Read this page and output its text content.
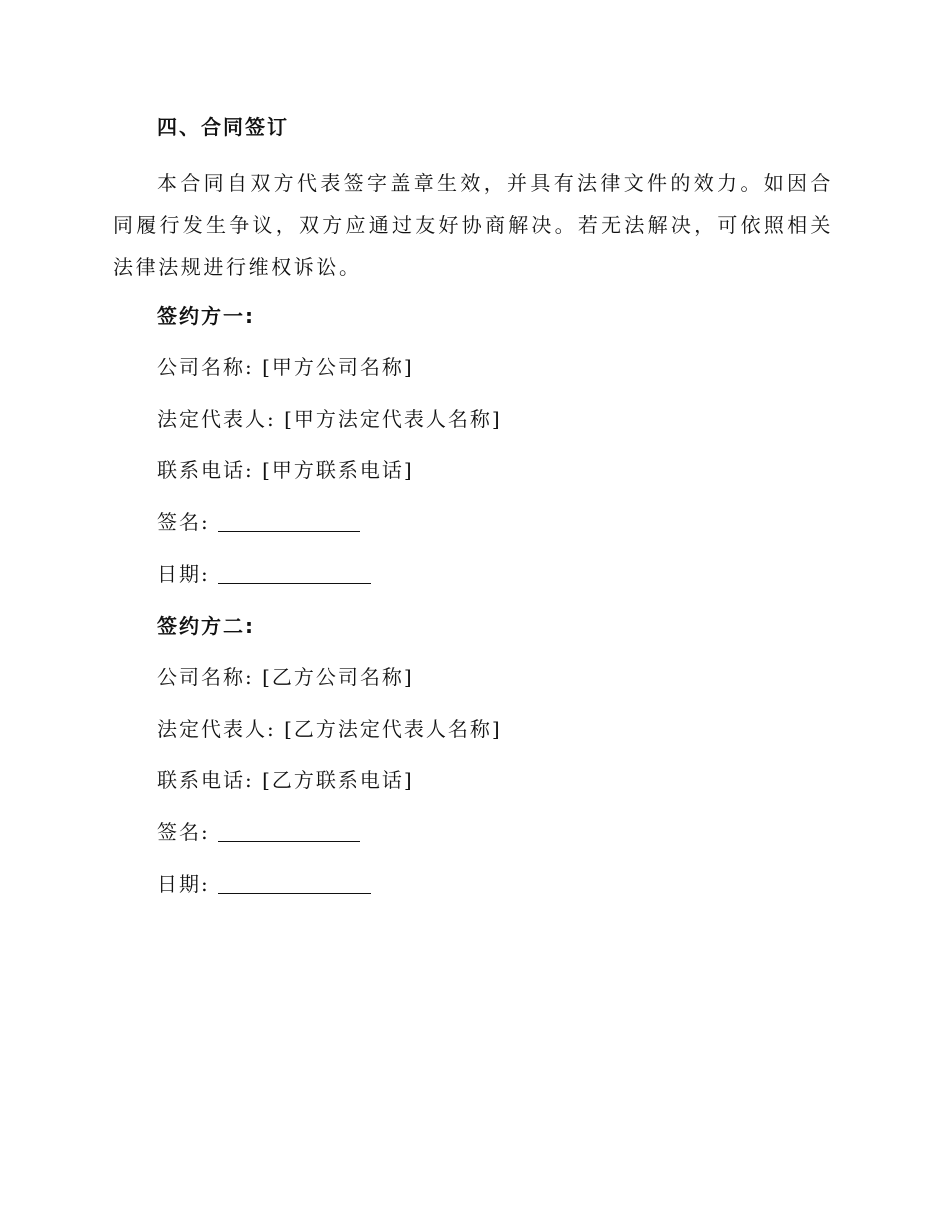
四、合同签订
本合同自双方代表签字盖章生效，并具有法律文件的效力。如因合同履行发生争议，双方应通过友好协商解决。若无法解决，可依照相关法律法规进行维权诉讼。
签约方一:
公司名称: [甲方公司名称]
法定代表人: [甲方法定代表人名称]
联系电话: [甲方联系电话]
签名:
日期:
签约方二:
公司名称: [乙方公司名称]
法定代表人: [乙方法定代表人名称]
联系电话: [乙方联系电话]
签名:
日期:
